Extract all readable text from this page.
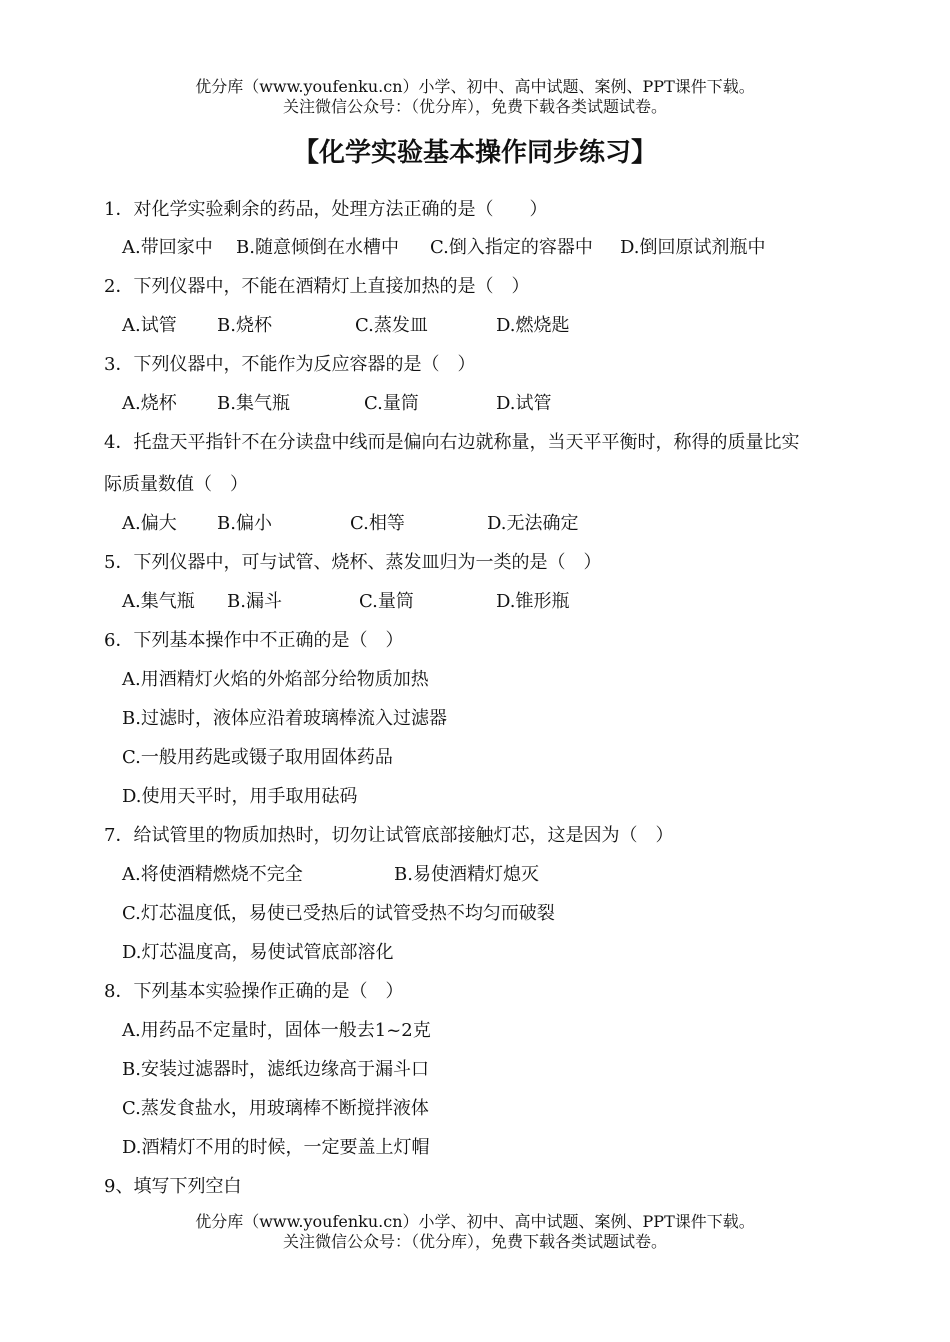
优分库（www.youfenku.cn）小学、初中、高中试题、案例、PPT课件下载。
关注微信公众号：（优分库），免费下载各类试题试卷。
【化学实验基本操作同步练习】
1．对化学实验剩余的药品，处理方法正确的是（　　）
A.带回家中 B.随意倾倒在水槽中 C.倒入指定的容器中 D.倒回原试剂瓶中
2．下列仪器中，不能在酒精灯上直接加热的是（　）
A.试管 B.烧杯	C.蒸发皿	D.燃烧匙
3．下列仪器中，不能作为反应容器的是（　）
A.烧杯 B.集气瓶	C.量筒	D.试管
4．托盘天平指针不在分读盘中线而是偏向右边就称量，当天平平衡时，称得的质量比实
际质量数值（　）
A.偏大 B.偏小	C.相等	D.无法确定
5．下列仪器中，可与试管、烧杯、蒸发皿归为一类的是（　）
A.集气瓶 B.漏斗	C.量筒	D.锥形瓶
6．下列基本操作中不正确的是（　）
A.用酒精灯火焰的外焰部分给物质加热
B.过滤时，液体应沿着玻璃棒流入过滤器
C.一般用药匙或镊子取用固体药品
D.使用天平时，用手取用砝码
7．给试管里的物质加热时，切勿让试管底部接触灯芯，这是因为（　）
A.将使酒精燃烧不完全	B.易使酒精灯熄灭
C.灯芯温度低，易使已受热后的试管受热不均匀而破裂
D.灯芯温度高，易使试管底部溶化
8．下列基本实验操作正确的是（　）
A.用药品不定量时，固体一般去1~2克
B.安装过滤器时，滤纸边缘高于漏斗口
C.蒸发食盐水，用玻璃棒不断搅拌液体
D.酒精灯不用的时候，一定要盖上灯帽
9、填写下列空白
优分库（www.youfenku.cn）小学、初中、高中试题、案例、PPT课件下载。
关注微信公众号：（优分库），免费下载各类试题试卷。
